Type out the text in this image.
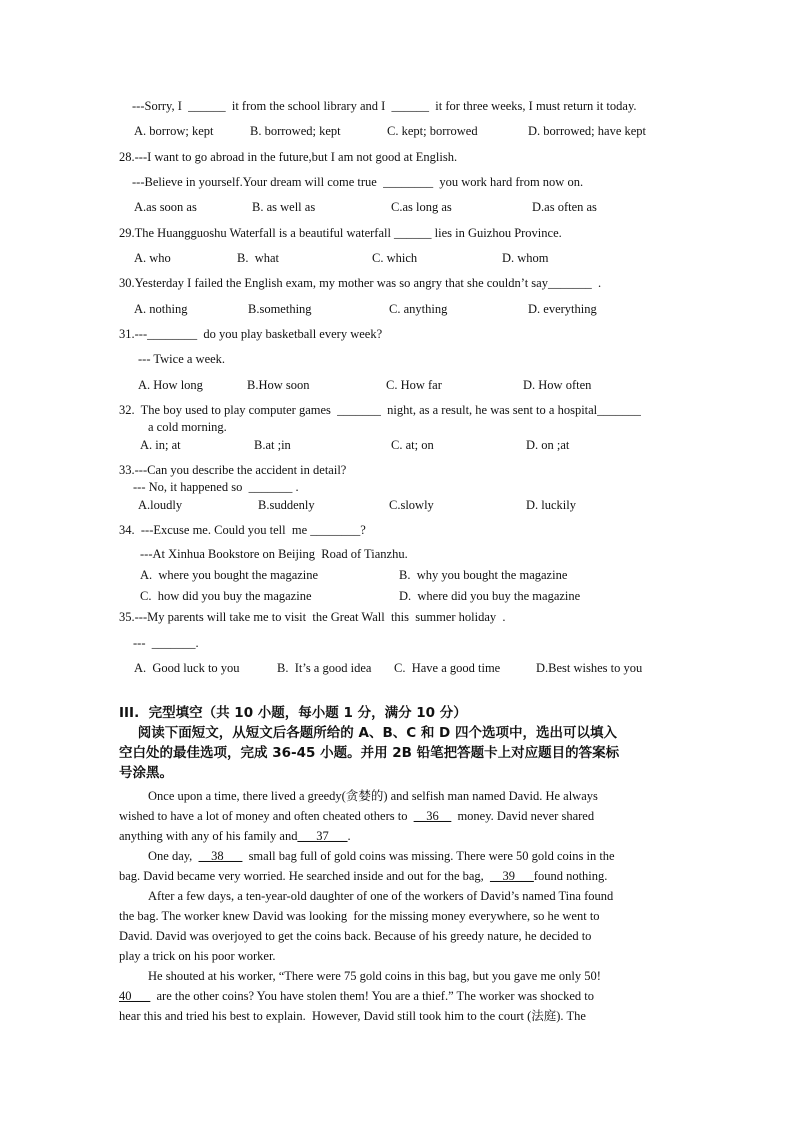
---Sorry, I  ______  it from the school library and I  ______  it for three weeks, I must return it today.
A. borrow; kept	B. borrowed; kept	C. kept; borrowed	D. borrowed; have kept
28.---I want to go abroad in the future,but I am not good at English.
---Believe in yourself.Your dream will come true  ________  you work hard from now on.
A.as soon as	B. as well as	C.as long as	D.as often as
29.The Huangguoshu Waterfall is a beautiful waterfall ______ lies in Guizhou Province.
A. who	B.  what	C. which	D. whom
30.Yesterday I failed the English exam, my mother was so angry that she couldn’t say_______  .
A. nothing	B.something	C. anything	D. everything
31.---________  do you play basketball every week?
--- Twice a week.
A. How long	B.How soon	C. How far	D. How often
32.  The boy used to play computer games  _______  night, as a result, he was sent to a hospital_______
a cold morning.
A. in; at	B.at ;in	C. at; on	D. on ;at
33.---Can you describe the accident in detail?
--- No, it happened so  _______ .
A.loudly	B.suddenly	C.slowly	D. luckily
34.  ---Excuse me. Could you tell  me ________?
---At Xinhua Bookstore on Beijing  Road of Tianzhu.
A.  where you bought the magazine	B.  why you bought the magazine
C.  how did you buy the magazine	D.  where did you buy the magazine
35.---My parents will take me to visit  the Great Wall  this  summer holiday  .
---  _______.
A.  Good luck to you	B.  It’s a good idea C.  Have a good time	D.Best wishes to you
III.  完型填空（共 10 小题，每小题 1 分，满分 10 分）
阅读下面短文，从短文后各题所给的 A、B、C 和 D 四个选项中，选出可以填入
空白处的最佳选项，完成 36-45 小题。并用 2B 铅笔把答题卡上对应题目的答案标
号涂黑。
Once upon a time, there lived a greedy(贪婪的) and selfish man named David. He always
wished to have a lot of money and often cheated others to  __36__  money. David never shared
anything with any of his family and___37___.
One day,  __38___  small bag full of gold coins was missing. There were 50 gold coins in the
bag. David became very worried. He searched inside and out for the bag,  __39___found nothing.
After a few days, a ten-year-old daughter of one of the workers of David’s named Tina found
the bag. The worker knew David was looking  for the missing money everywhere, so he went to
David. David was overjoyed to get the coins back. Because of his greedy nature, he decided to
play a trick on his poor worker.
He shouted at his worker, “There were 75 gold coins in this bag, but you gave me only 50!
40___  are the other coins? You have stolen them! You are a thief.” The worker was shocked to
hear this and tried his best to explain.  However, David still took him to the court (法庭). The
